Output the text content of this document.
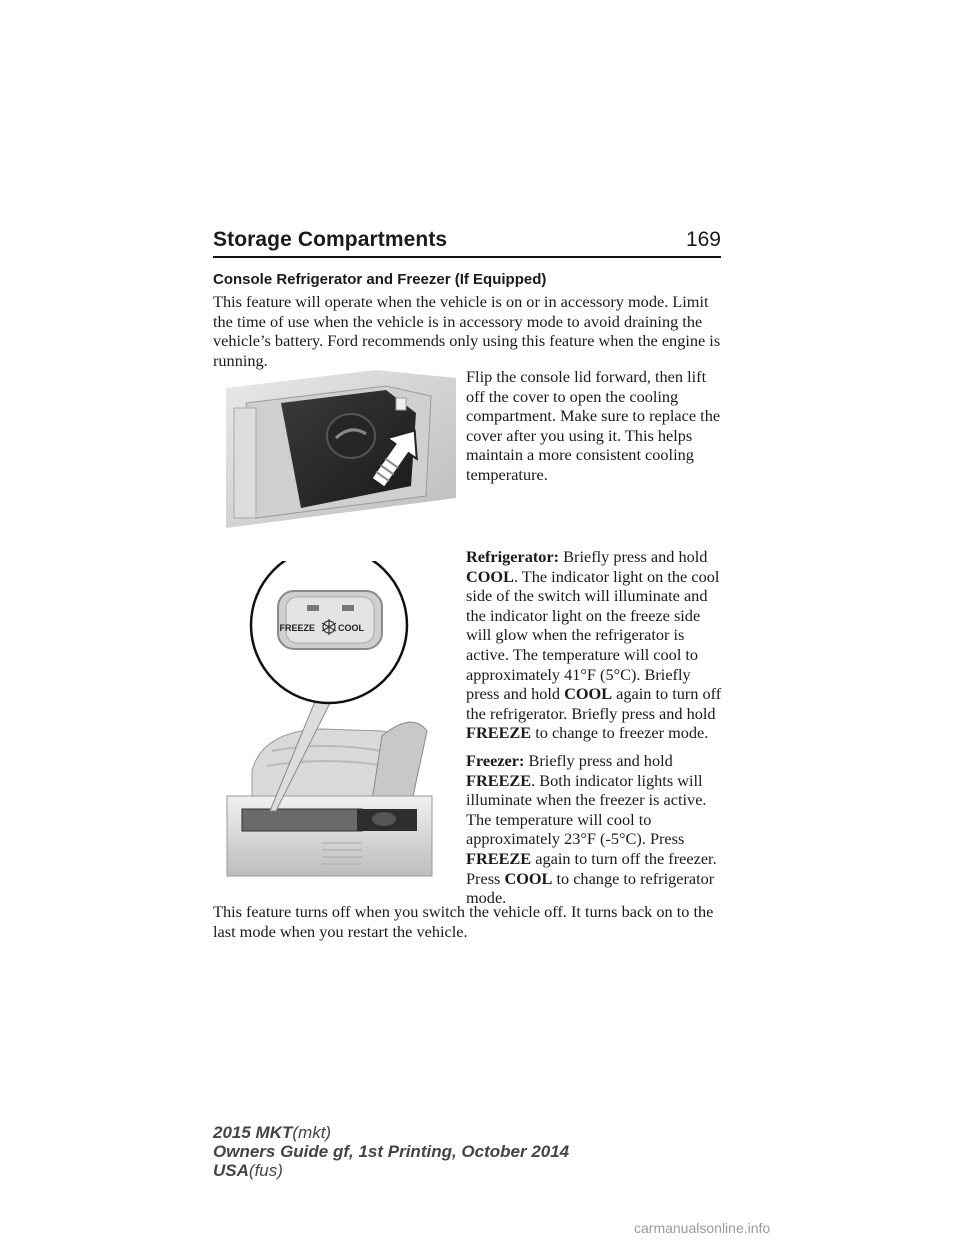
Storage Compartments	169
Console Refrigerator and Freezer (If Equipped)
This feature will operate when the vehicle is on or in accessory mode. Limit the time of use when the vehicle is in accessory mode to avoid draining the vehicle’s battery. Ford recommends only using this feature when the engine is running.
Flip the console lid forward, then lift off the cover to open the cooling compartment. Make sure to replace the cover after you using it. This helps maintain a more consistent cooling temperature.
FREEZE	COOL
Refrigerator: Briefly press and hold COOL. The indicator light on the cool side of the switch will illuminate and the indicator light on the freeze side will glow when the refrigerator is active. The temperature will cool to approximately 41°F (5°C). Briefly press and hold COOL again to turn off the refrigerator. Briefly press and hold FREEZE to change to freezer mode.
Freezer: Briefly press and hold FREEZE. Both indicator lights will illuminate when the freezer is active. The temperature will cool to approximately 23°F (-5°C). Press FREEZE again to turn off the freezer. Press COOL to change to refrigerator mode.
This feature turns off when you switch the vehicle off. It turns back on to the last mode when you restart the vehicle.
2015 MKT(mkt)
Owners Guide gf, 1st Printing, October 2014
USA(fus)
carmanualsonline.info
